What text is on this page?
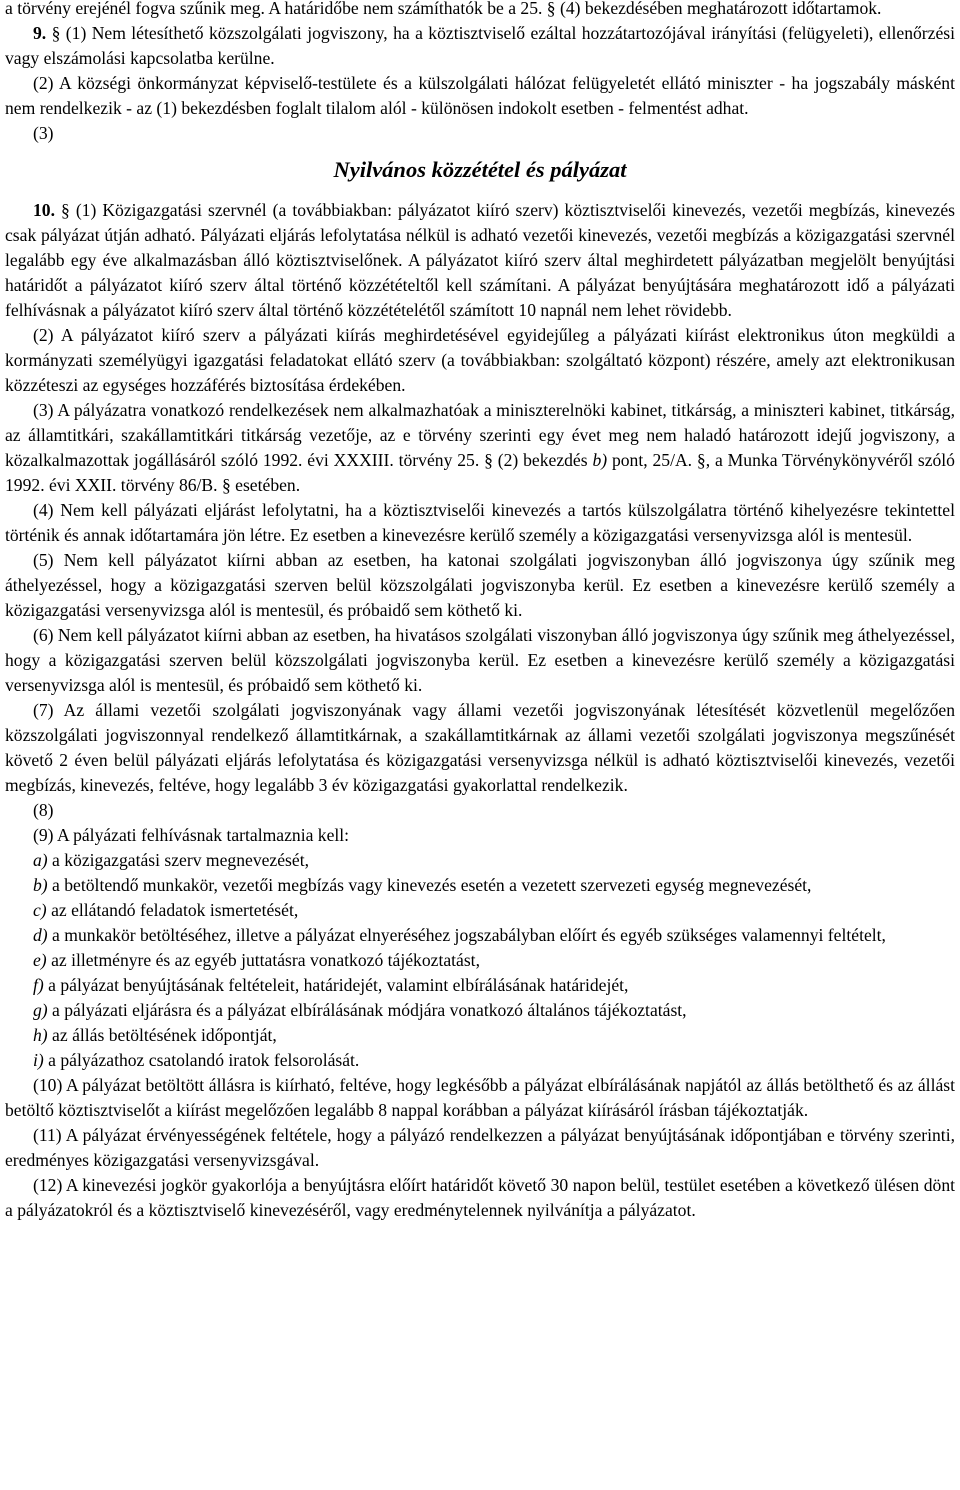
a törvény erejénél fogva szűnik meg. A határidőbe nem számíthatók be a 25. § (4) bekezdésében meghatározott időtartamok.

9. § (1) Nem létesíthető közszolgálati jogviszony, ha a köztisztviselő ezáltal hozzátartozójával irányítási (felügyeleti), ellenőrzési vagy elszámolási kapcsolatba kerülne.

(2) A községi önkormányzat képviselő-testülete és a külszolgálati hálózat felügyeletét ellátó miniszter - ha jogszabály másként nem rendelkezik - az (1) bekezdésben foglalt tilalom alól - különösen indokolt esetben - felmentést adhat.

(3)

Nyilvános közzététel és pályázat

10. § (1) Közigazgatási szervnél (a továbbiakban: pályázatot kiíró szerv) köztisztviselői kinevezés, vezetői megbízás, kinevezés csak pályázat útján adható. Pályázati eljárás lefolytatása nélkül is adható vezetői kinevezés, vezetői megbízás a közigazgatási szervnél legalább egy éve alkalmazásban álló köztisztviselőnek. A pályázatot kiíró szerv által meghirdetett pályázatban megjelölt benyújtási határidőt a pályázatot kiíró szerv által történő közzétételtől kell számítani. A pályázat benyújtására meghatározott idő a pályázati felhívásnak a pályázatot kiíró szerv által történő közzétételétől számított 10 napnál nem lehet rövidebb.

(2) A pályázatot kiíró szerv a pályázati kiírás meghirdetésével egyidejűleg a pályázati kiírást elektronikus úton megküldi a kormányzati személyügyi igazgatási feladatokat ellátó szerv (a továbbiakban: szolgáltató központ) részére, amely azt elektronikusan közzéteszi az egységes hozzáférés biztosítása érdekében.

(3) A pályázatra vonatkozó rendelkezések nem alkalmazhatóak a miniszterelnöki kabinet, titkárság, a miniszteri kabinet, titkárság, az államtitkári, szakállamtitkári titkárság vezetője, az e törvény szerinti egy évet meg nem haladó határozott idejű jogviszony, a közalkalmazottak jogállásáról szóló 1992. évi XXXIII. törvény 25. § (2) bekezdés b) pont, 25/A. §, a Munka Törvénykönyvéről szóló 1992. évi XXII. törvény 86/B. § esetében.

(4) Nem kell pályázati eljárást lefolytatni, ha a köztisztviselői kinevezés a tartós külszolgálatra történő kihelyezésre tekintettel történik és annak időtartamára jön létre. Ez esetben a kinevezésre kerülő személy a közigazgatási versenyvizsga alól is mentesül.

(5) Nem kell pályázatot kiírni abban az esetben, ha katonai szolgálati jogviszonyban álló jogviszonya úgy szűnik meg áthelyezéssel, hogy a közigazgatási szerven belül közszolgálati jogviszonyba kerül. Ez esetben a kinevezésre kerülő személy a közigazgatási versenyvizsga alól is mentesül, és próbaidő sem köthető ki.

(6) Nem kell pályázatot kiírni abban az esetben, ha hivatásos szolgálati viszonyban álló jogviszonya úgy szűnik meg áthelyezéssel, hogy a közigazgatási szerven belül közszolgálati jogviszonyba kerül. Ez esetben a kinevezésre kerülő személy a közigazgatási versenyvizsga alól is mentesül, és próbaidő sem köthető ki.

(7) Az állami vezetői szolgálati jogviszonyának vagy állami vezetői jogviszonyának létesítését közvetlenül megelőzően közszolgálati jogviszonnyal rendelkező államtitkárnak, a szakállamtitkárnak az állami vezetői szolgálati jogviszonya megszűnését követő 2 éven belül pályázati eljárás lefolytatása és közigazgatási versenyvizsga nélkül is adható köztisztviselői kinevezés, vezetői megbízás, kinevezés, feltéve, hogy legalább 3 év közigazgatási gyakorlattal rendelkezik.

(8)

(9) A pályázati felhívásnak tartalmaznia kell:

a) a közigazgatási szerv megnevezését,

b) a betöltendő munkakör, vezetői megbízás vagy kinevezés esetén a vezetett szervezeti egység megnevezését,

c) az ellátandó feladatok ismertetését,

d) a munkakör betöltéséhez, illetve a pályázat elnyeréséhez jogszabályban előírt és egyéb szükséges valamennyi feltételt,

e) az illetményre és az egyéb juttatásra vonatkozó tájékoztatást,

f) a pályázat benyújtásának feltételeit, határidejét, valamint elbírálásának határidejét,

g) a pályázati eljárásra és a pályázat elbírálásának módjára vonatkozó általános tájékoztatást,

h) az állás betöltésének időpontját,

i) a pályázathoz csatolandó iratok felsorolását.

(10) A pályázat betöltött állásra is kiírható, feltéve, hogy legkésőbb a pályázat elbírálásának napjától az állás betölthető és az állást betöltő köztisztviselőt a kiírást megelőzően legalább 8 nappal korábban a pályázat kiírásáról írásban tájékoztatják.

(11) A pályázat érvényességének feltétele, hogy a pályázó rendelkezzen a pályázat benyújtásának időpontjában e törvény szerinti, eredményes közigazgatási versenyvizsgával.

(12) A kinevezési jogkör gyakorlója a benyújtásra előírt határidőt követő 30 napon belül, testület esetében a következő ülésen dönt a pályázatokról és a köztisztviselő kinevezéséről, vagy eredménytelennek nyilvánítja a pályázatot.
